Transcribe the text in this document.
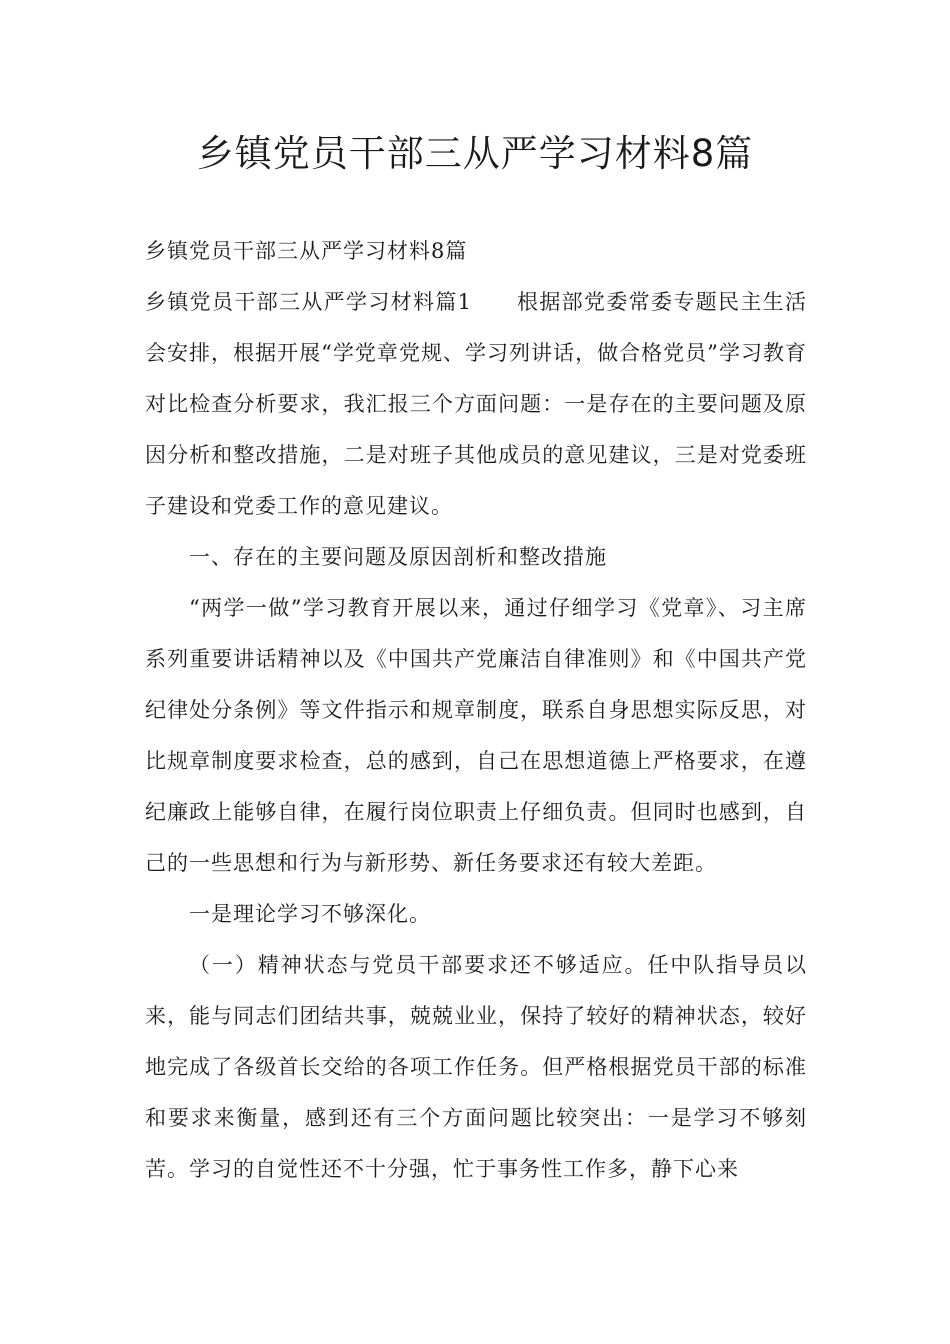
乡镇党员干部三从严学习材料8篇

乡镇党员干部三从严学习材料8篇

乡镇党员干部三从严学习材料篇1　　根据部党委常委专题民主生活会安排，根据开展“学党章党规、学习列讲话，做合格党员”学习教育对比检查分析要求，我汇报三个方面问题：一是存在的主要问题及原因分析和整改措施，二是对班子其他成员的意见建议，三是对党委班子建设和党委工作的意见建议。

一、存在的主要问题及原因剖析和整改措施

“两学一做”学习教育开展以来，通过仔细学习《党章》、习主席系列重要讲话精神以及《中国共产党廉洁自律准则》和《中国共产党纪律处分条例》等文件指示和规章制度，联系自身思想实际反思，对比规章制度要求检查，总的感到，自己在思想道德上严格要求，在遵纪廉政上能够自律，在履行岗位职责上仔细负责。但同时也感到，自己的一些思想和行为与新形势、新任务要求还有较大差距。

一是理论学习不够深化。

（一）精神状态与党员干部要求还不够适应。任中队指导员以来，能与同志们团结共事，兢兢业业，保持了较好的精神状态，较好地完成了各级首长交给的各项工作任务。但严格根据党员干部的标准和要求来衡量，感到还有三个方面问题比较突出：一是学习不够刻苦。学习的自觉性还不十分强，忙于事务性工作多，静下心来
